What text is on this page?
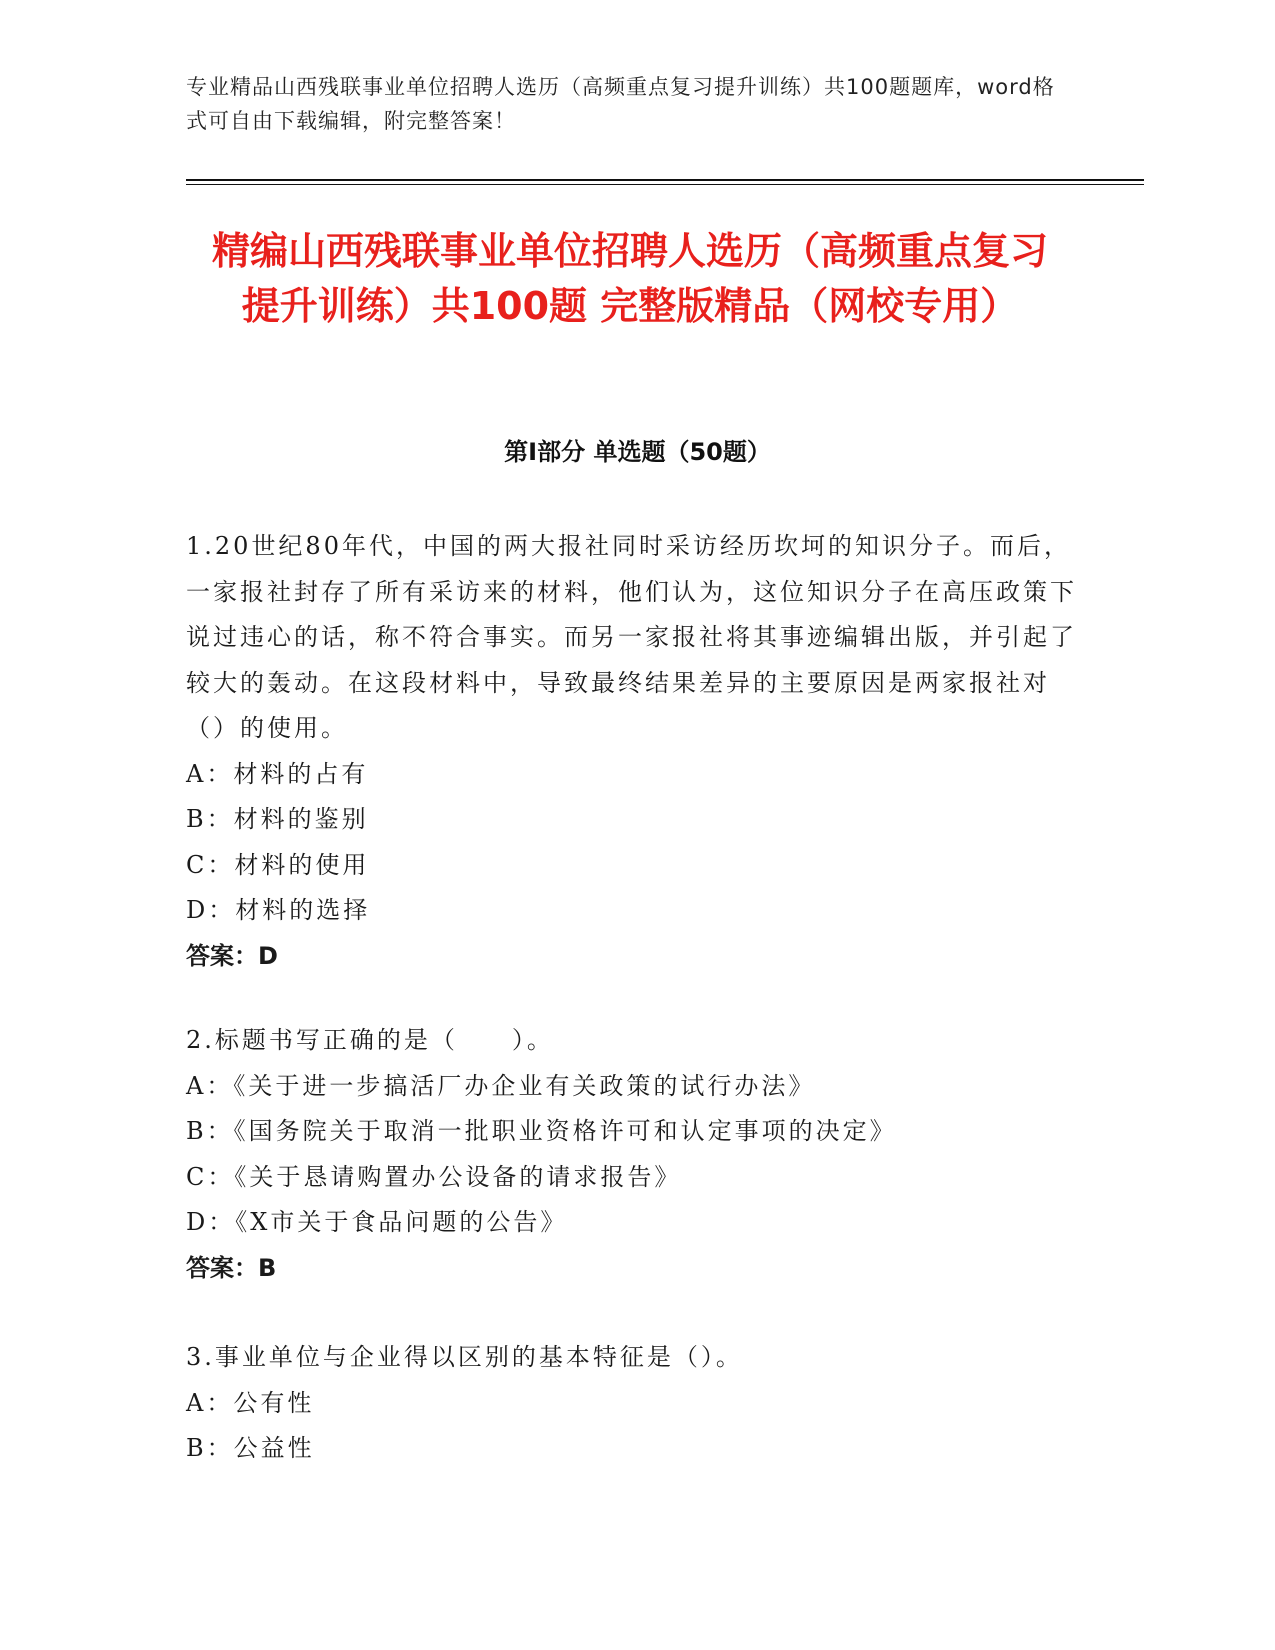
专业精品山西残联事业单位招聘人选历（高频重点复习提升训练）共100题题库，word格式可自由下载编辑，附完整答案！
精编山西残联事业单位招聘人选历（高频重点复习提升训练）共100题 完整版精品（网校专用）
第Ⅰ部分 单选题（50题）

1.20世纪80年代，中国的两大报社同时采访经历坎坷的知识分子。而后，一家报社封存了所有采访来的材料，他们认为，这位知识分子在高压政策下说过违心的话，称不符合事实。而另一家报社将其事迹编辑出版，并引起了较大的轰动。在这段材料中，导致最终结果差异的主要原因是两家报社对（）的使用。

A：材料的占有

B：材料的鉴别

C：材料的使用

D：材料的选择

答案：D

2.标题书写正确的是（　　）。

A：《关于进一步搞活厂办企业有关政策的试行办法》

B：《国务院关于取消一批职业资格许可和认定事项的决定》

C：《关于恳请购置办公设备的请求报告》

D：《X市关于食品问题的公告》

答案：B

3.事业单位与企业得以区别的基本特征是（）。

A：公有性

B：公益性
